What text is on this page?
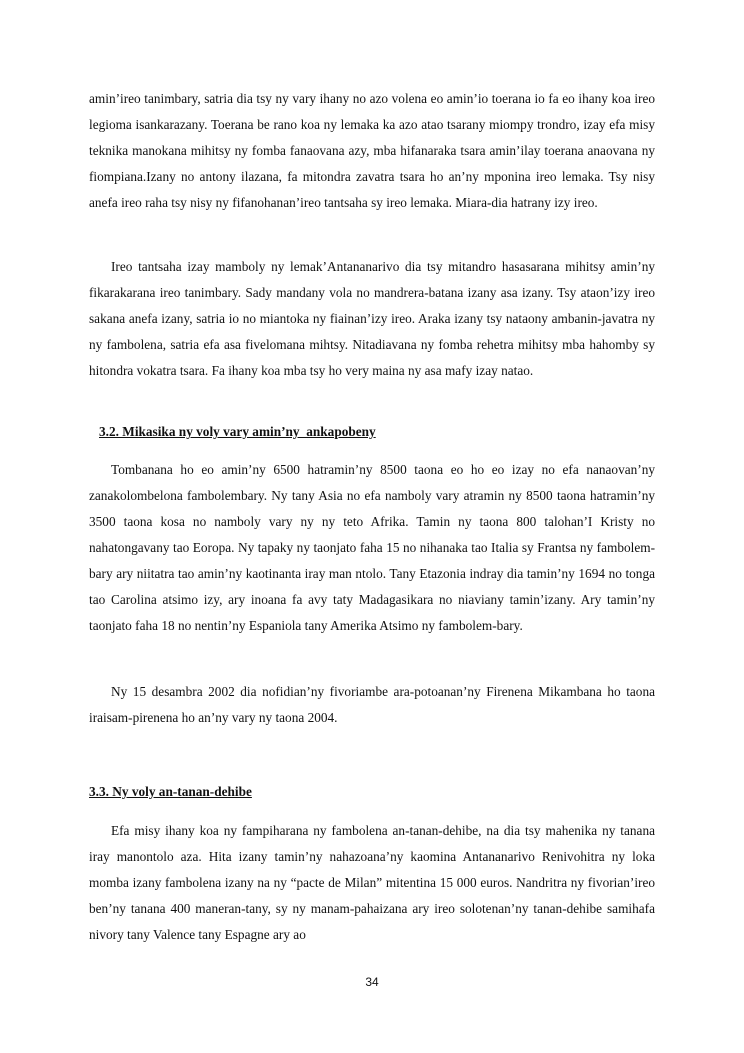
amin’ireo tanimbary, satria dia tsy ny vary ihany no azo volena eo amin’io toerana io fa eo ihany koa ireo legioma isankarazany. Toerana be rano koa ny lemaka ka azo atao tsarany miompy trondro, izay efa misy teknika manokana mihitsy ny fomba fanaovana azy, mba hifanaraka tsara amin’ilay toerana anaovana ny fiompiana.Izany no antony ilazana, fa mitondra zavatra tsara ho an’ny mponina ireo lemaka. Tsy nisy anefa ireo raha tsy nisy ny fifanohanan’ireo tantsaha sy ireo lemaka. Miara-dia hatrany izy ireo.

Ireo tantsaha izay mamboly ny lemak’Antananarivo dia tsy mitandro hasasarana mihitsy amin’ny fikarakarana ireo tanimbary. Sady mandany vola no mandrera-batana izany asa izany. Tsy ataon’izy ireo sakana anefa izany, satria io no miantoka ny fiainan’izy ireo. Araka izany tsy nataony ambanin-javatra ny ny fambolena, satria efa asa fivelomana mihtsy. Nitadiavana ny fomba rehetra mihitsy mba hahomby sy hitondra vokatra tsara. Fa ihany koa mba tsy ho very maina ny asa mafy izay natao.

3.2. Mikasika ny voly vary amin’ny  ankapobeny

Tombanana ho eo amin’ny 6500 hatramin’ny 8500 taona eo ho eo izay no efa nanaovan’ny zanakolombelona fambolembary. Ny tany Asia no efa namboly vary atramin ny 8500 taona hatramin’ny 3500 taona kosa no namboly vary ny ny teto Afrika. Tamin ny taona 800 talohan’I Kristy no nahatongavany tao Eoropa. Ny tapaky ny taonjato faha 15 no nihanaka tao Italia sy Frantsa ny fambolem-bary ary niitatra tao amin’ny kaotinanta iray man ntolo. Tany Etazonia indray dia tamin’ny 1694 no tonga tao Carolina atsimo izy, ary inoana fa avy taty Madagasikara no niaviany tamin’izany. Ary tamin’ny taonjato faha 18 no nentin’ny Espaniola tany Amerika Atsimo ny fambolem-bary.

Ny 15 desambra 2002 dia nofidian’ny fivoriambe ara-potoanan’ny Firenena Mikambana ho taona iraisam-pirenena ho an’ny vary ny taona 2004.

3.3. Ny voly an-tanan-dehibe

Efa misy ihany koa ny fampiharana ny fambolena an-tanan-dehibe, na dia tsy mahenika ny tanana iray manontolo aza. Hita izany tamin’ny nahazoana’ny kaomina Antananarivo Renivohitra ny loka momba izany fambolena izany na ny “pacte de Milan” mitentina 15 000 euros. Nandritra ny fivorian’ireo ben’ny tanana 400 maneran-tany, sy ny manam-pahaizana ary ireo solotenan’ny tanan-dehibe samihafa nivory tany Valence tany Espagne ary ao

34
